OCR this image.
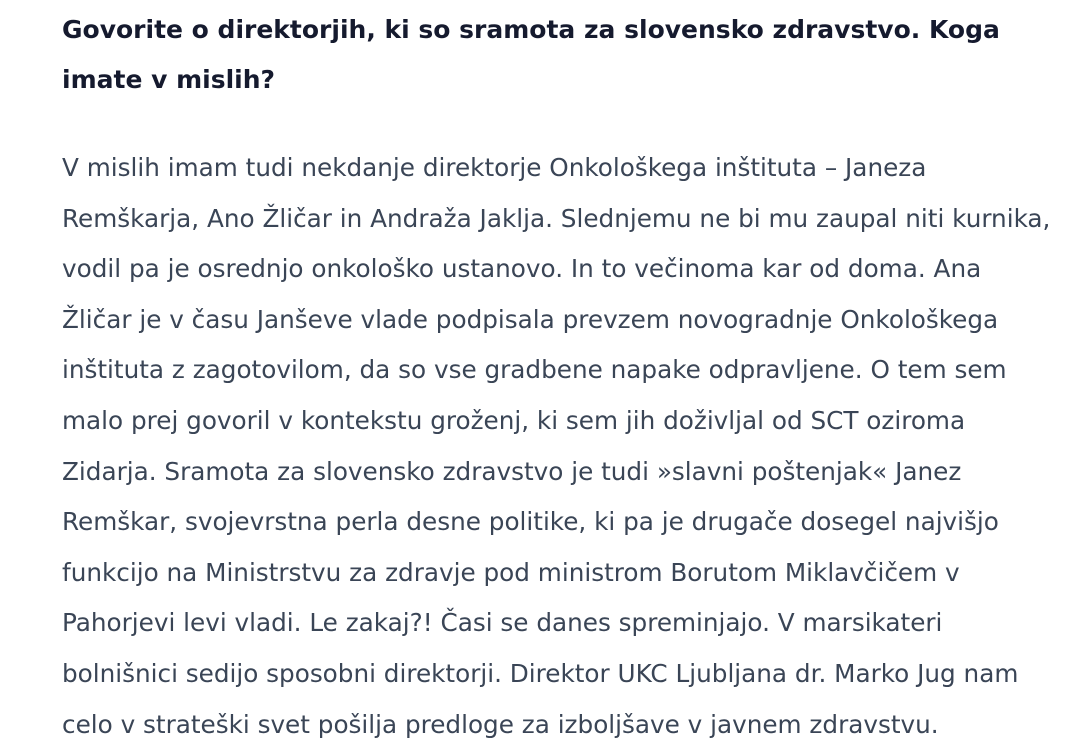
Govorite o direktorjih, ki so sramota za slovensko zdravstvo. Koga
imate v mislih?

V mislih imam tudi nekdanje direktorje Onkološkega inštituta – Janeza
Remškarja, Ano Žličar in Andraža Jaklja. Slednjemu ne bi mu zaupal niti kurnika,
vodil pa je osrednjo onkološko ustanovo. In to večinoma kar od doma. Ana
Žličar je v času Janševe vlade podpisala prevzem novogradnje Onkološkega
inštituta z zagotovilom, da so vse gradbene napake odpravljene. O tem sem
malo prej govoril v kontekstu groženj, ki sem jih doživljal od SCT oziroma
Zidarja. Sramota za slovensko zdravstvo je tudi »slavni poštenjak« Janez
Remškar, svojevrstna perla desne politike, ki pa je drugače dosegel najvišjo
funkcijo na Ministrstvu za zdravje pod ministrom Borutom Miklavčičem v
Pahorjevi levi vladi. Le zakaj?! Časi se danes spreminjajo. V marsikateri
bolnišnici sedijo sposobni direktorji. Direktor UKC Ljubljana dr. Marko Jug nam
celo v strateški svet pošilja predloge za izboljšave v javnem zdravstvu.
